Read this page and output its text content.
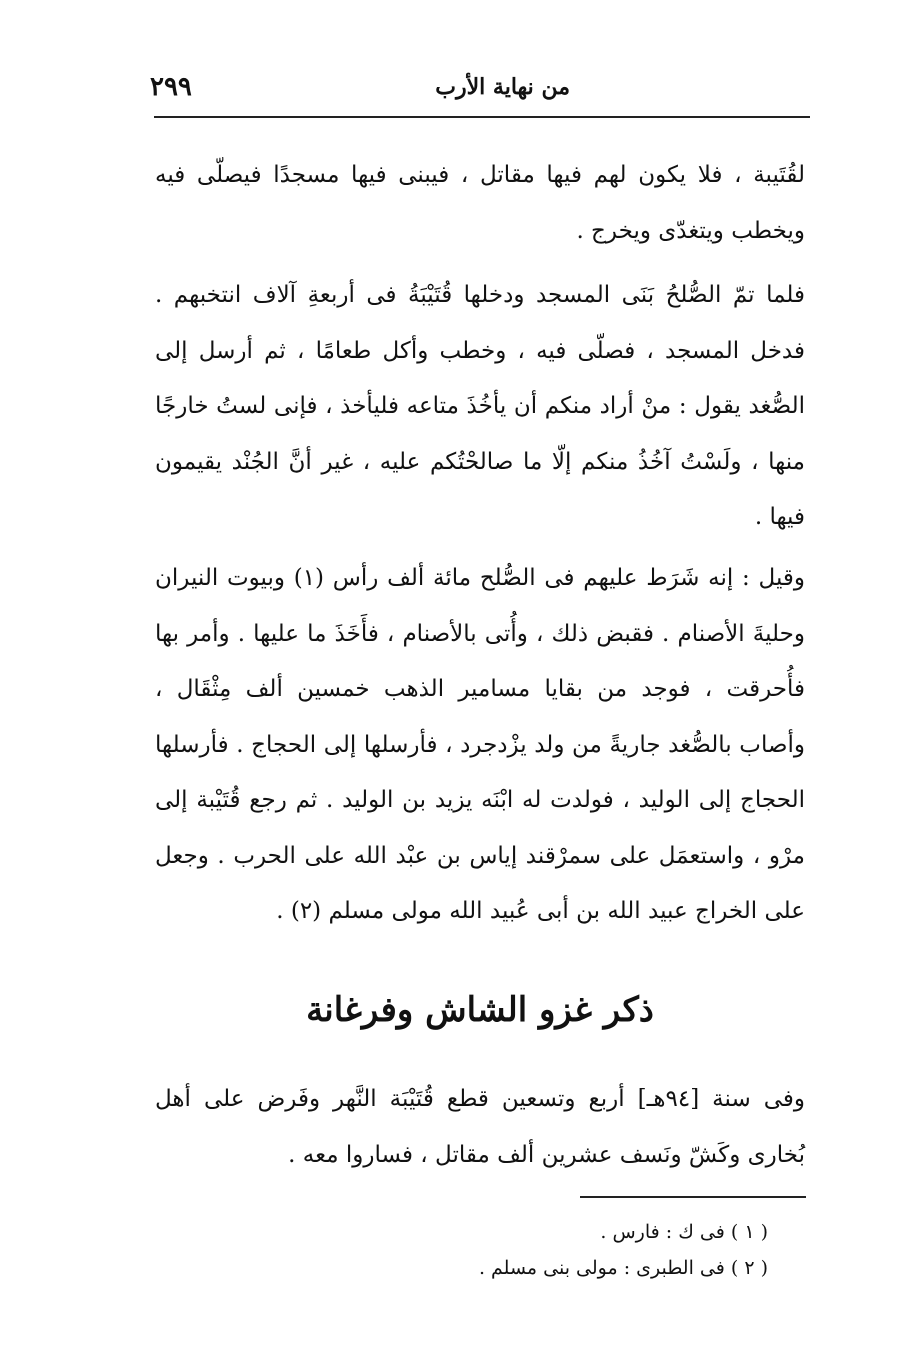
من نهاية الأرب
٢٩٩

لقُتَيبة ، فلا يكون لهم فيها مقاتل ، فيبنى فيها مسجدًا فيصلّى فيه ويخطب ويتغدّى ويخرج .

فلما تمّ الصُّلحُ بَنَى المسجد ودخلها قُتَيْبَةُ فى أربعةِ آلاف انتخبهم . فدخل المسجد ، فصلّى فيه ، وخطب وأكل طعامًا ، ثم أرسل إلى الصُّغد يقول : منْ أراد منكم أن يأخُذَ متاعه فليأخذ ، فإنى لستُ خارجًا منها ، ولَسْتُ آخُذُ منكم إلّا ما صالحْتُكم عليه ، غير أنَّ الجُنْد يقيمون فيها .

وقيل : إنه شَرَط عليهم فى الصُّلح مائة ألف رأس (١) وبيوت النيران وحليةَ الأصنام . فقبض ذلك ، وأُتى بالأصنام ، فأَخَذَ ما عليها . وأمر بها فأُحرقت ، فوجد من بقايا مسامير الذهب خمسين ألف مِثْقَال ، وأصاب بالصُّغد جاريةً من ولد يزْدجرد ، فأرسلها إلى الحجاج . فأرسلها الحجاج إلى الوليد ، فولدت له ابْنَه يزيد بن الوليد . ثم رجع قُتَيْبة إلى مرْو ، واستعمَل على سمرْقند إياس بن عبْد الله على الحرب . وجعل على الخراج عبيد الله بن أبى عُبيد الله مولى مسلم (٢) .

ذكر غزو الشاش وفرغانة

وفى سنة [٩٤هـ] أربع وتسعين قطع قُتَيْبَة النَّهر وفَرض على أهل بُخارى وكَشّ ونَسف عشرين ألف مقاتل ، فساروا معه .

( ١ ) فى ك : فارس .
( ٢ ) فى الطبرى : مولى بنى مسلم .
